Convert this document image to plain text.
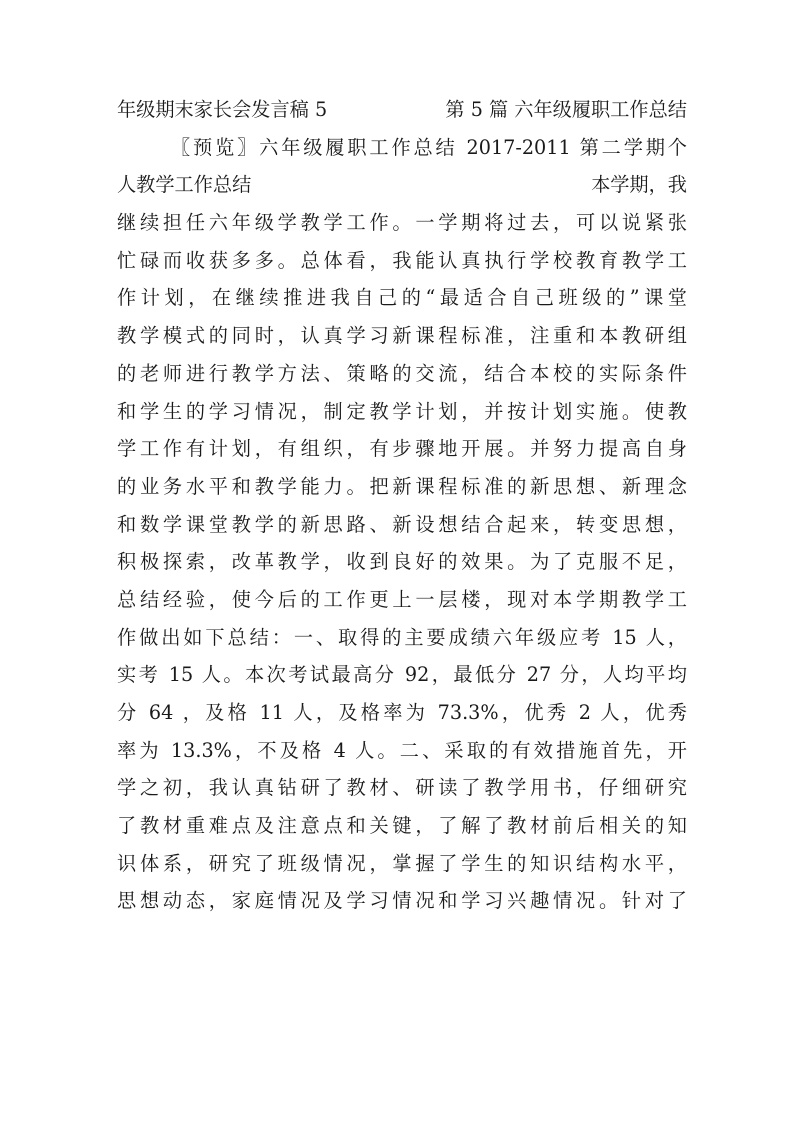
年级期末家长会发言稿 5	第 5 篇 六年级履职工作总结
〖预览〗六年级履职工作总结 2017-2011 第二学期个
人教学工作总结	本学期，我
继续担任六年级学教学工作。一学期将过去，可以说紧张
忙碌而收获多多。总体看，我能认真执行学校教育教学工
作计划，在继续推进我自己的“最适合自己班级的”课堂
教学模式的同时，认真学习新课程标准，注重和本教研组
的老师进行教学方法、策略的交流，结合本校的实际条件
和学生的学习情况，制定教学计划，并按计划实施。使教
学工作有计划，有组织，有步骤地开展。并努力提高自身
的业务水平和教学能力。把新课程标准的新思想、新理念
和数学课堂教学的新思路、新设想结合起来，转变思想，
积极探索，改革教学，收到良好的效果。为了克服不足，
总结经验，使今后的工作更上一层楼，现对本学期教学工
作做出如下总结：一、取得的主要成绩六年级应考 15 人，
实考 15 人。本次考试最高分 92，最低分 27 分，人均平均
分 64 ，及格 11 人，及格率为 73.3%，优秀 2 人，优秀
率为 13.3%，不及格 4 人。二、采取的有效措施首先，开
学之初，我认真钻研了教材、研读了教学用书，仔细研究
了教材重难点及注意点和关键，了解了教材前后相关的知
识体系，研究了班级情况，掌握了学生的知识结构水平，
思想动态，家庭情况及学习情况和学习兴趣情况。针对了
